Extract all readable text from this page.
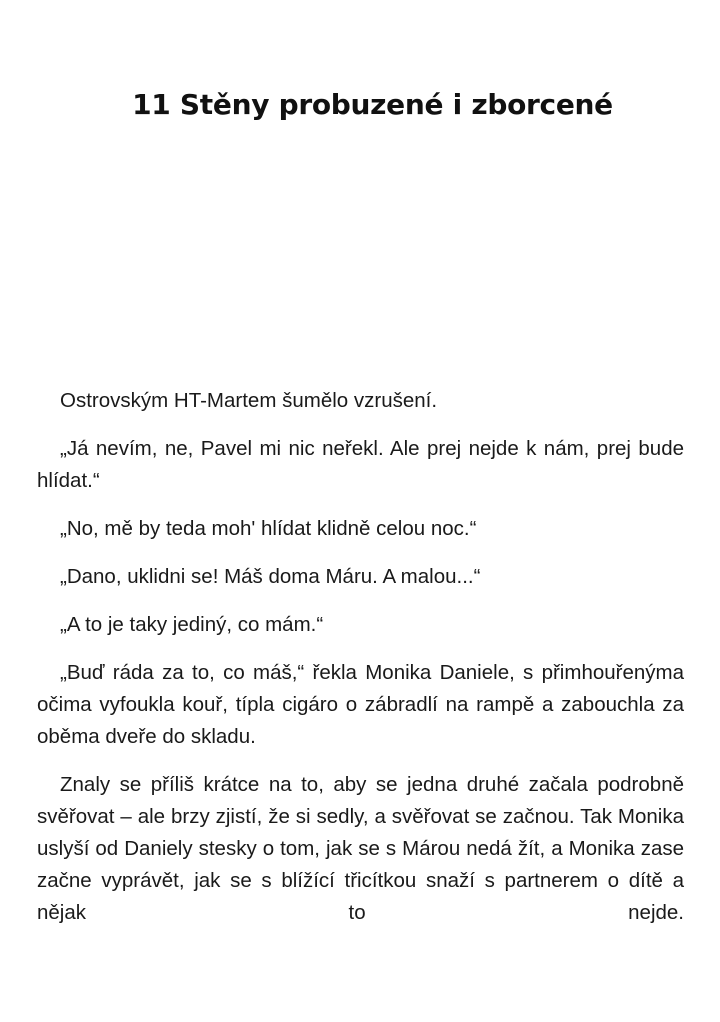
11 Stěny probuzené i zborcené

Ostrovským HT-Martem šumělo vzrušení.

„Já nevím, ne, Pavel mi nic neřekl. Ale prej nejde k nám, prej bude hlídat.“

„No, mě by teda moh' hlídat klidně celou noc.“

„Dano, uklidni se! Máš doma Máru. A malou...“

„A to je taky jediný, co mám.“

„Buď ráda za to, co máš,“ řekla Monika Daniele, s přimhouřenýma očima vyfoukla kouř, típla cigáro o zábradlí na rampě a zabouchla za oběma dveře do skladu.

Znaly se příliš krátce na to, aby se jedna druhé začala podrobně svěřovat – ale brzy zjistí, že si sedly, a svěřovat se začnou. Tak Monika uslyší od Daniely stesky o tom, jak se s Márou nedá žít, a Monika zase začne vyprávět, jak se s blížící třicítkou snaží s partnerem o dítě a nějak to nejde.
